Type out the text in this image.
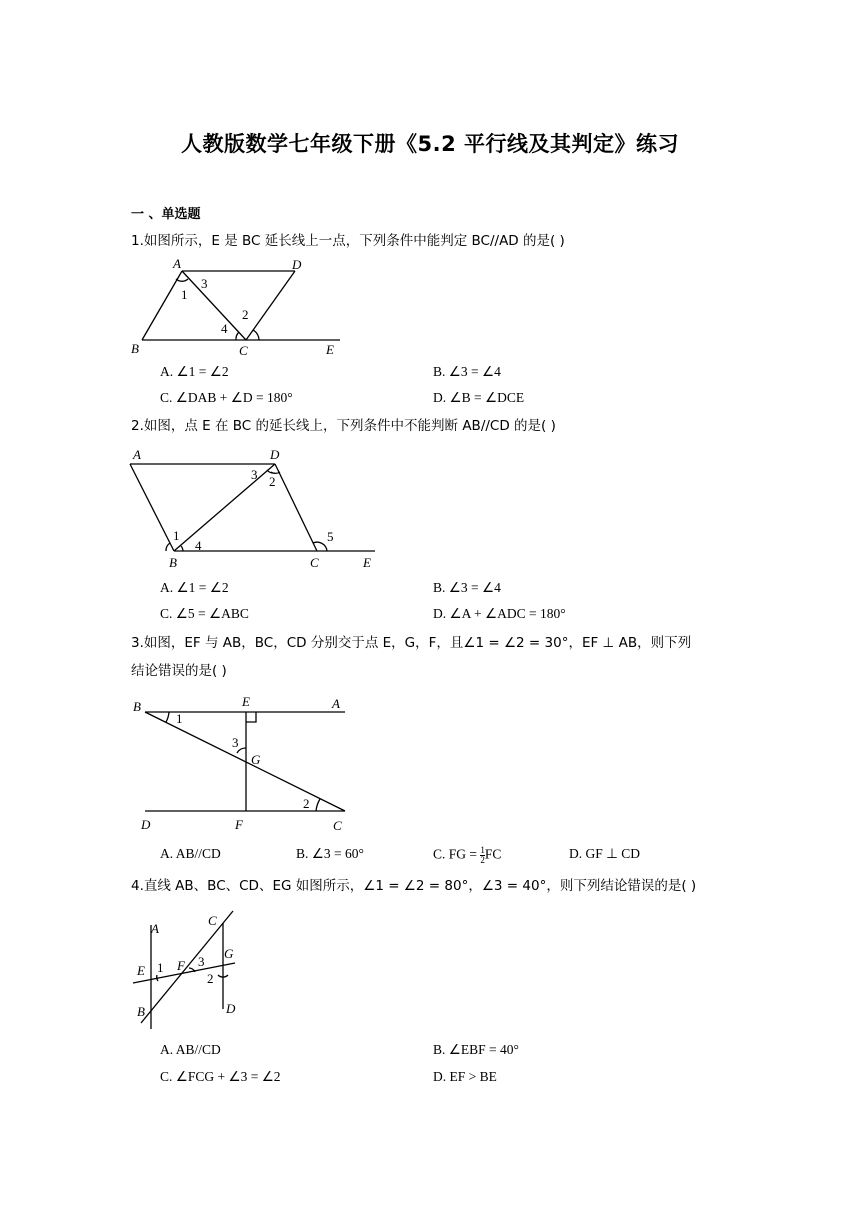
人教版数学七年级下册《5.2 平行线及其判定》练习
一 、单选题
1.如图所示，E 是 BC 延长线上一点，下列条件中能判定 BC//AD 的是( )
A	D
B	C	E
1
3
2
4
A. ∠1 = ∠2	B. ∠3 = ∠4
C. ∠DAB + ∠D = 180°	D. ∠B = ∠DCE
2.如图，点 E 在 BC 的延长线上，下列条件中不能判断 AB//CD 的是( )
A	D
B	C	E
1
4
3 2
5
A. ∠1 = ∠2	B. ∠3 = ∠4
C. ∠5 = ∠ABC	D. ∠A + ∠ADC = 180°
3.如图，EF 与 AB，BC，CD 分别交于点 E，G，F，且∠1 = ∠2 = 30°，EF ⊥ AB，则下列
结论错误的是( )
B	E	A
G
D	F	C
1
3
2
A. AB//CD	B. ∠3 = 60°	C. FG = $\frac{1}{2}$ FC	D. GF ⊥ CD
4.直线 AB、BC、CD、EG 如图所示，∠1 = ∠2 = 80°，∠3 = 40°，则下列结论错误的是( )
A
C
E F
G
B	D
1	3
2
A. AB//CD	B. ∠EBF = 40°
C. ∠FCG + ∠3 = ∠2	D. EF > BE
